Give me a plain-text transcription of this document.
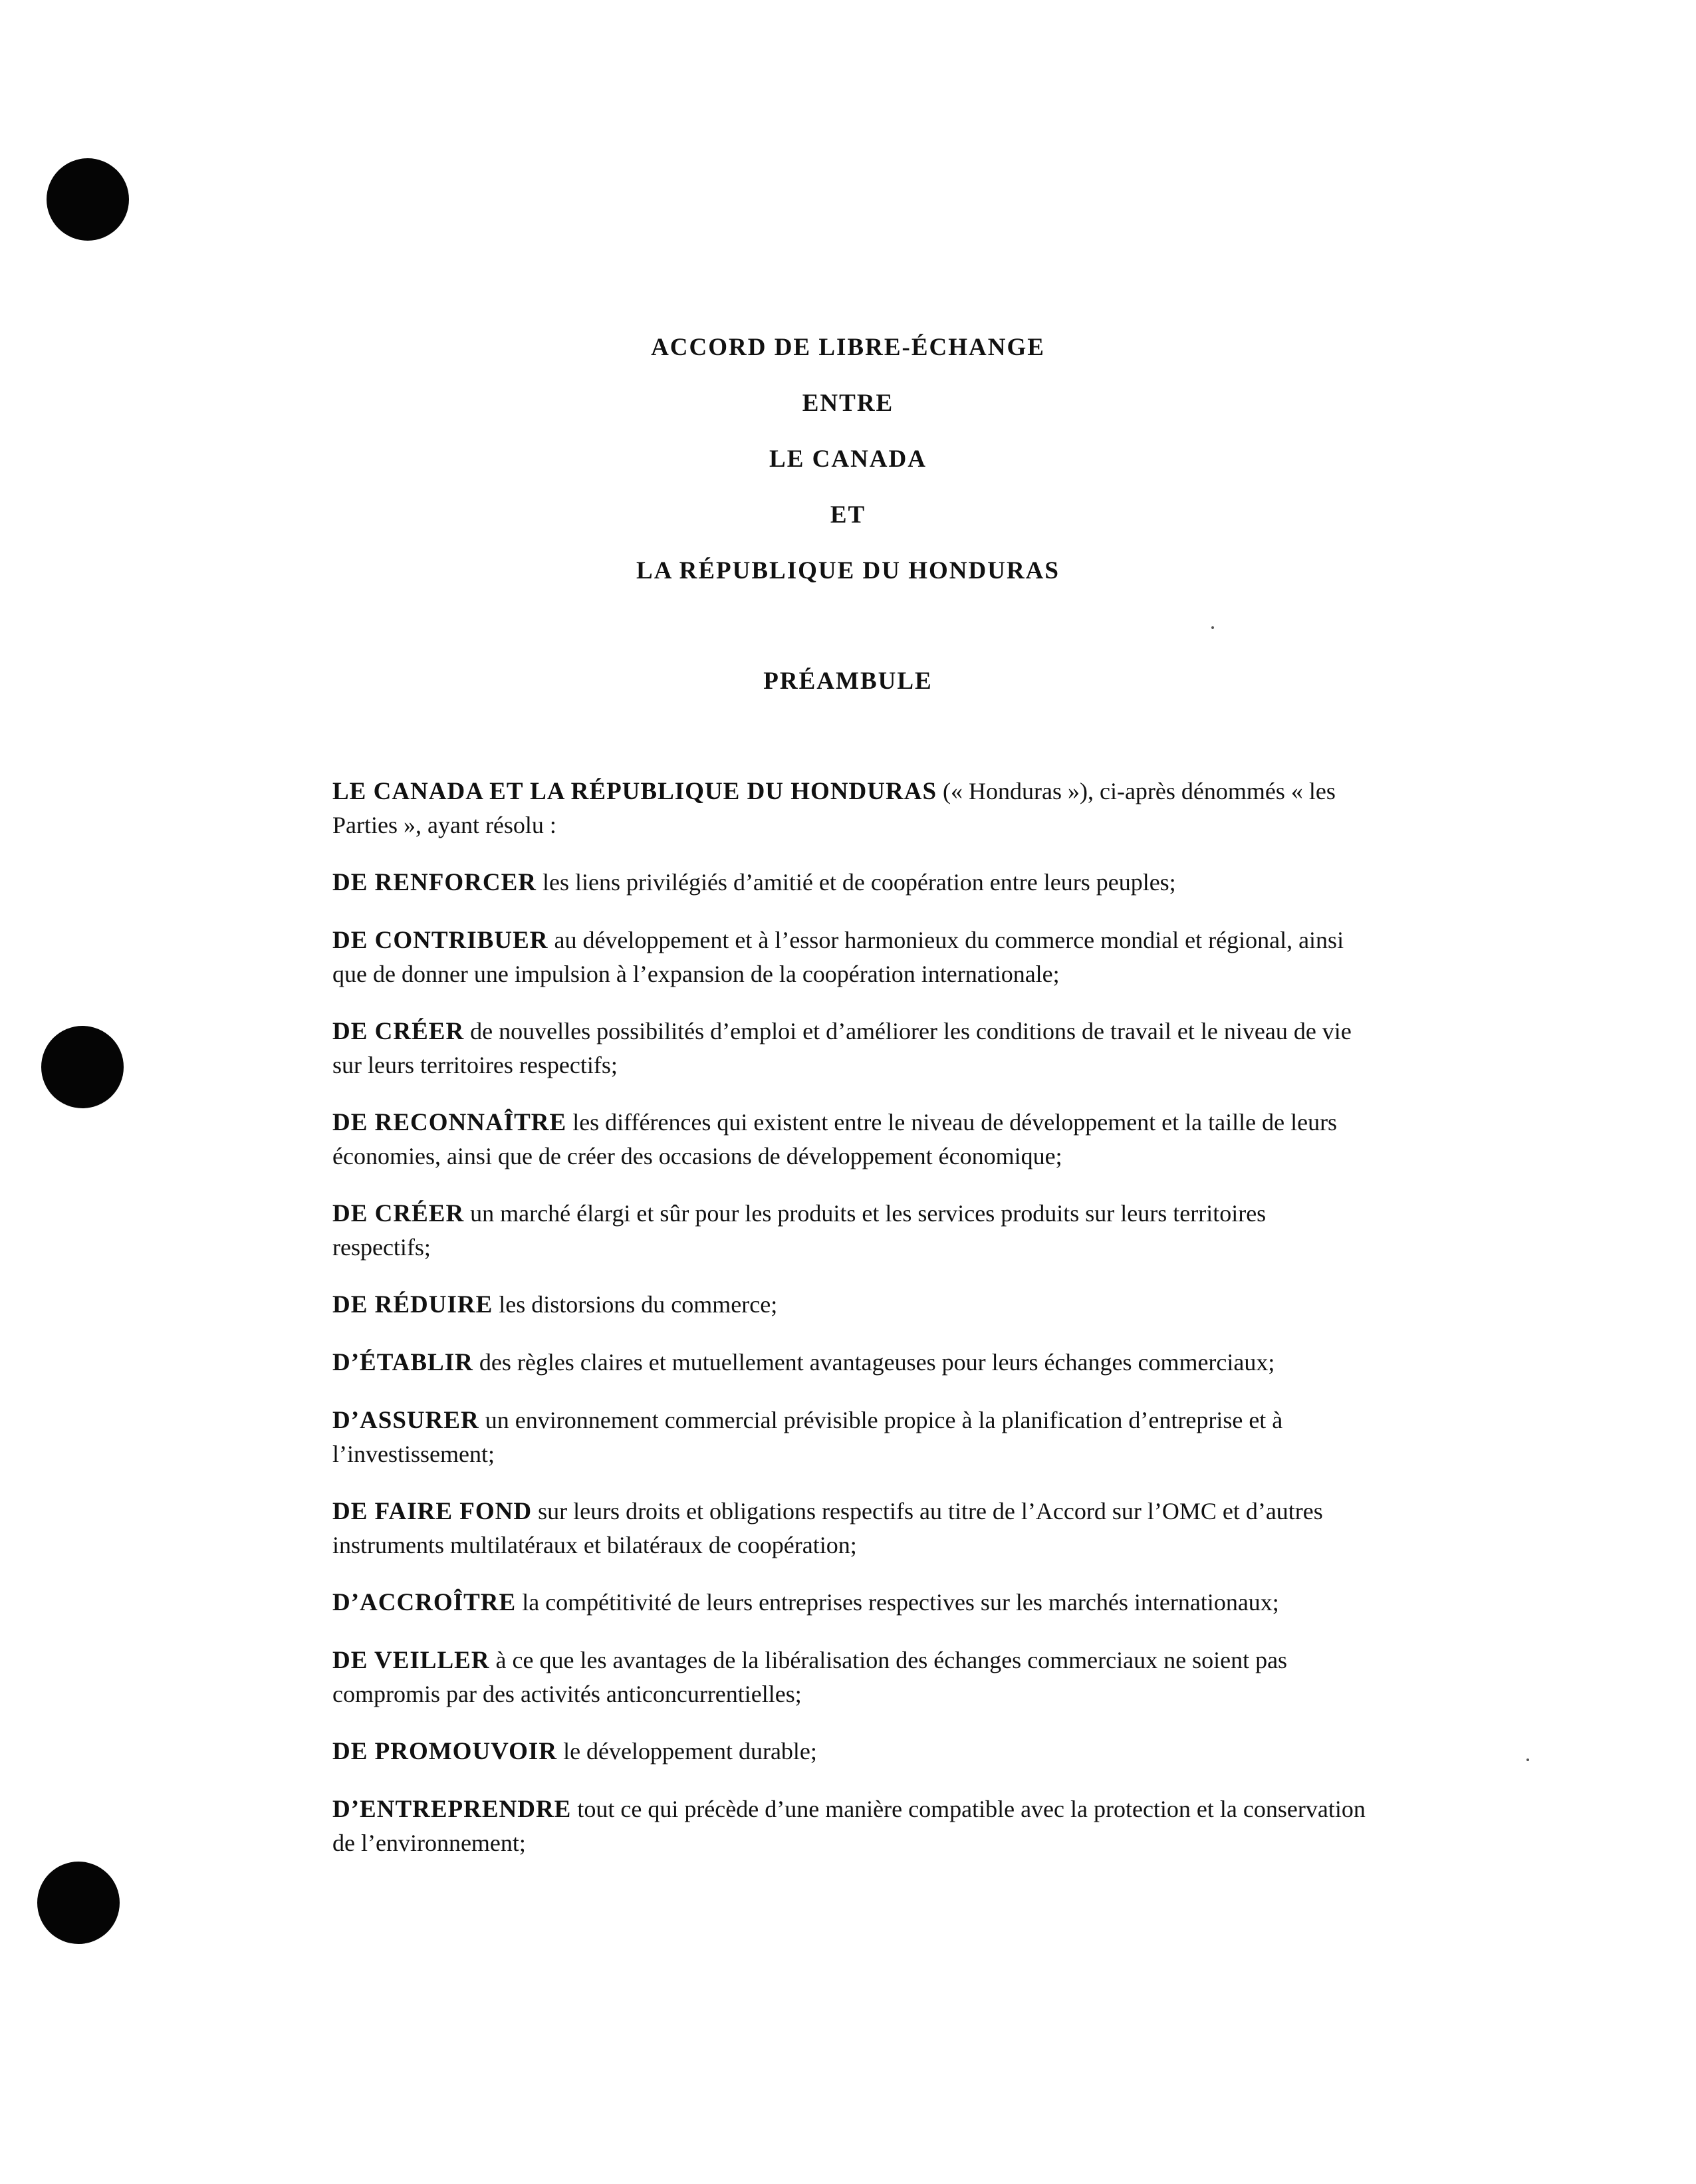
ACCORD DE LIBRE-ÉCHANGE
ENTRE
LE CANADA
ET
LA RÉPUBLIQUE DU HONDURAS
PRÉAMBULE

LE CANADA ET LA RÉPUBLIQUE DU HONDURAS (« Honduras »), ci-après dénommés « les Parties », ayant résolu :

DE RENFORCER les liens privilégiés d’amitié et de coopération entre leurs peuples;

DE CONTRIBUER au développement et à l’essor harmonieux du commerce mondial et régional, ainsi que de donner une impulsion à l’expansion de la coopération internationale;

DE CRÉER de nouvelles possibilités d’emploi et d’améliorer les conditions de travail et le niveau de vie sur leurs territoires respectifs;

DE RECONNAÎTRE les différences qui existent entre le niveau de développement et la taille de leurs économies, ainsi que de créer des occasions de développement économique;

DE CRÉER un marché élargi et sûr pour les produits et les services produits sur leurs territoires respectifs;

DE RÉDUIRE les distorsions du commerce;

D’ÉTABLIR des règles claires et mutuellement avantageuses pour leurs échanges commerciaux;

D’ASSURER un environnement commercial prévisible propice à la planification d’entreprise et à l’investissement;

DE FAIRE FOND sur leurs droits et obligations respectifs au titre de l’Accord sur l’OMC et d’autres instruments multilatéraux et bilatéraux de coopération;

D’ACCROÎTRE la compétitivité de leurs entreprises respectives sur les marchés internationaux;

DE VEILLER à ce que les avantages de la libéralisation des échanges commerciaux ne soient pas compromis par des activités anticoncurrentielles;

DE PROMOUVOIR le développement durable;

D’ENTREPRENDRE tout ce qui précède d’une manière compatible avec la protection et la conservation de l’environnement;
